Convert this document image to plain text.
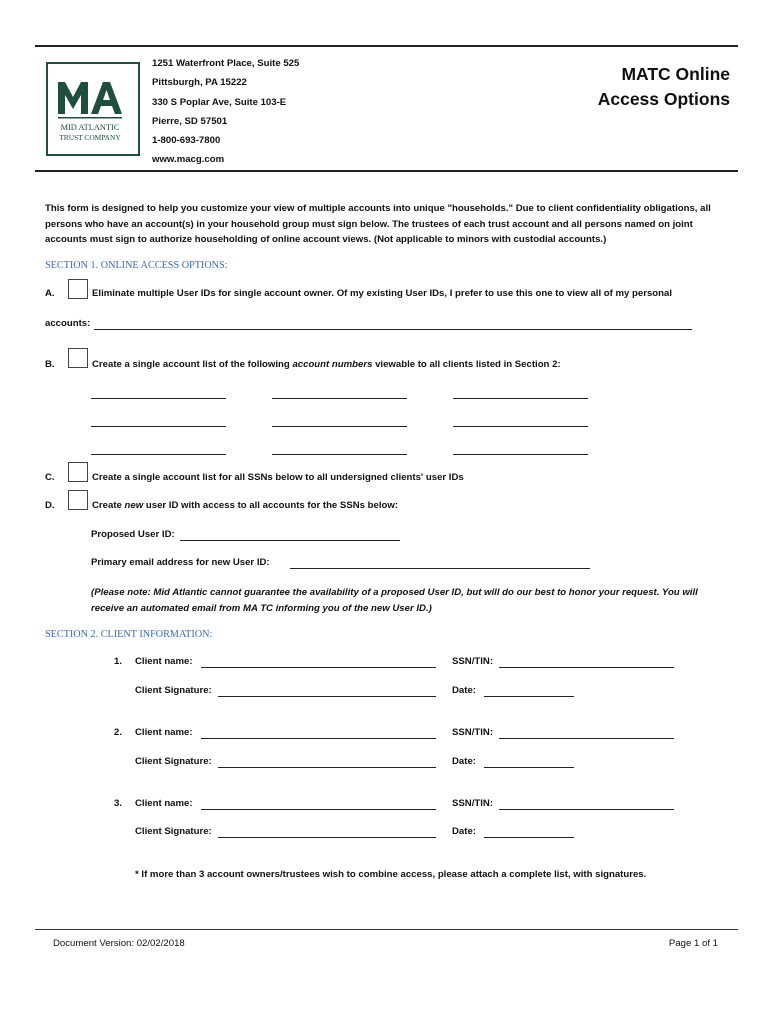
MID ATLANTIC
TRUST COMPANY
1251 Waterfront Place, Suite 525
Pittsburgh, PA 15222
330 S Poplar Ave, Suite 103-E
Pierre, SD 57501
1-800-693-7800
www.macg.com
MATC Online
Access Options
This form is designed to help you customize your view of multiple accounts into unique "households." Due to client confidentiality obligations, all persons who have an account(s) in your household group must sign below. The trustees of each trust account and all persons named on joint accounts must sign to authorize householding of online account views. (Not applicable to minors with custodial accounts.)
SECTION 1. ONLINE ACCESS OPTIONS:
A.	Eliminate multiple User IDs for single account owner. Of my existing User IDs, I prefer to use this one to view all of my personal
accounts:
B.	Create a single account list of the following account numbers viewable to all clients listed in Section 2:
C.	Create a single account list for all SSNs below to all undersigned clients' user IDs
D.	Create new user ID with access to all accounts for the SSNs below:
Proposed User ID:
Primary email address for new User ID:
(Please note: Mid Atlantic cannot guarantee the availability of a proposed User ID, but will do our best to honor your request. You will receive an automated email from MA TC informing you of the new User ID.)
SECTION 2. CLIENT INFORMATION:
1. Client name:	SSN/TIN:
Client Signature:	Date:
2. Client name:	SSN/TIN:
Client Signature:	Date:
3. Client name:	SSN/TIN:
Client Signature:	Date:
* If more than 3 account owners/trustees wish to combine access, please attach a complete list, with signatures.
Document Version: 02/02/2018	Page 1 of 1
